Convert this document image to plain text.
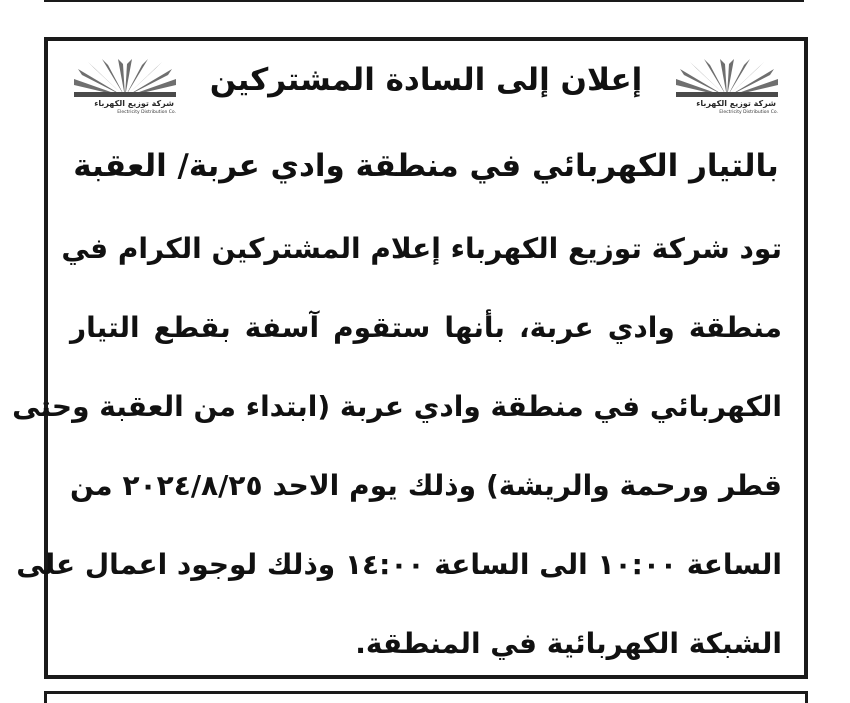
شركة توزيع الكهرباء
Electricity Distribution Co.
شركة توزيع الكهرباء
Electricity Distribution Co.
إعلان إلى السادة المشتركين
بالتيار الكهربائي في منطقة وادي عربة/ العقبة
تود شركة توزيع الكهرباء إعلام المشتركين الكرام في
منطقة وادي عربة، بأنها ستقوم آسفة بقطع التيار
الكهربائي في منطقة وادي عربة (ابتداء من العقبة وحتى
قطر ورحمة والريشة) وذلك يوم الاحد ٢٠٢٤/٨/٢٥ من
الساعة ١٠:٠٠ الى الساعة ١٤:٠٠ وذلك لوجود اعمال على
الشبكة الكهربائية في المنطقة.
